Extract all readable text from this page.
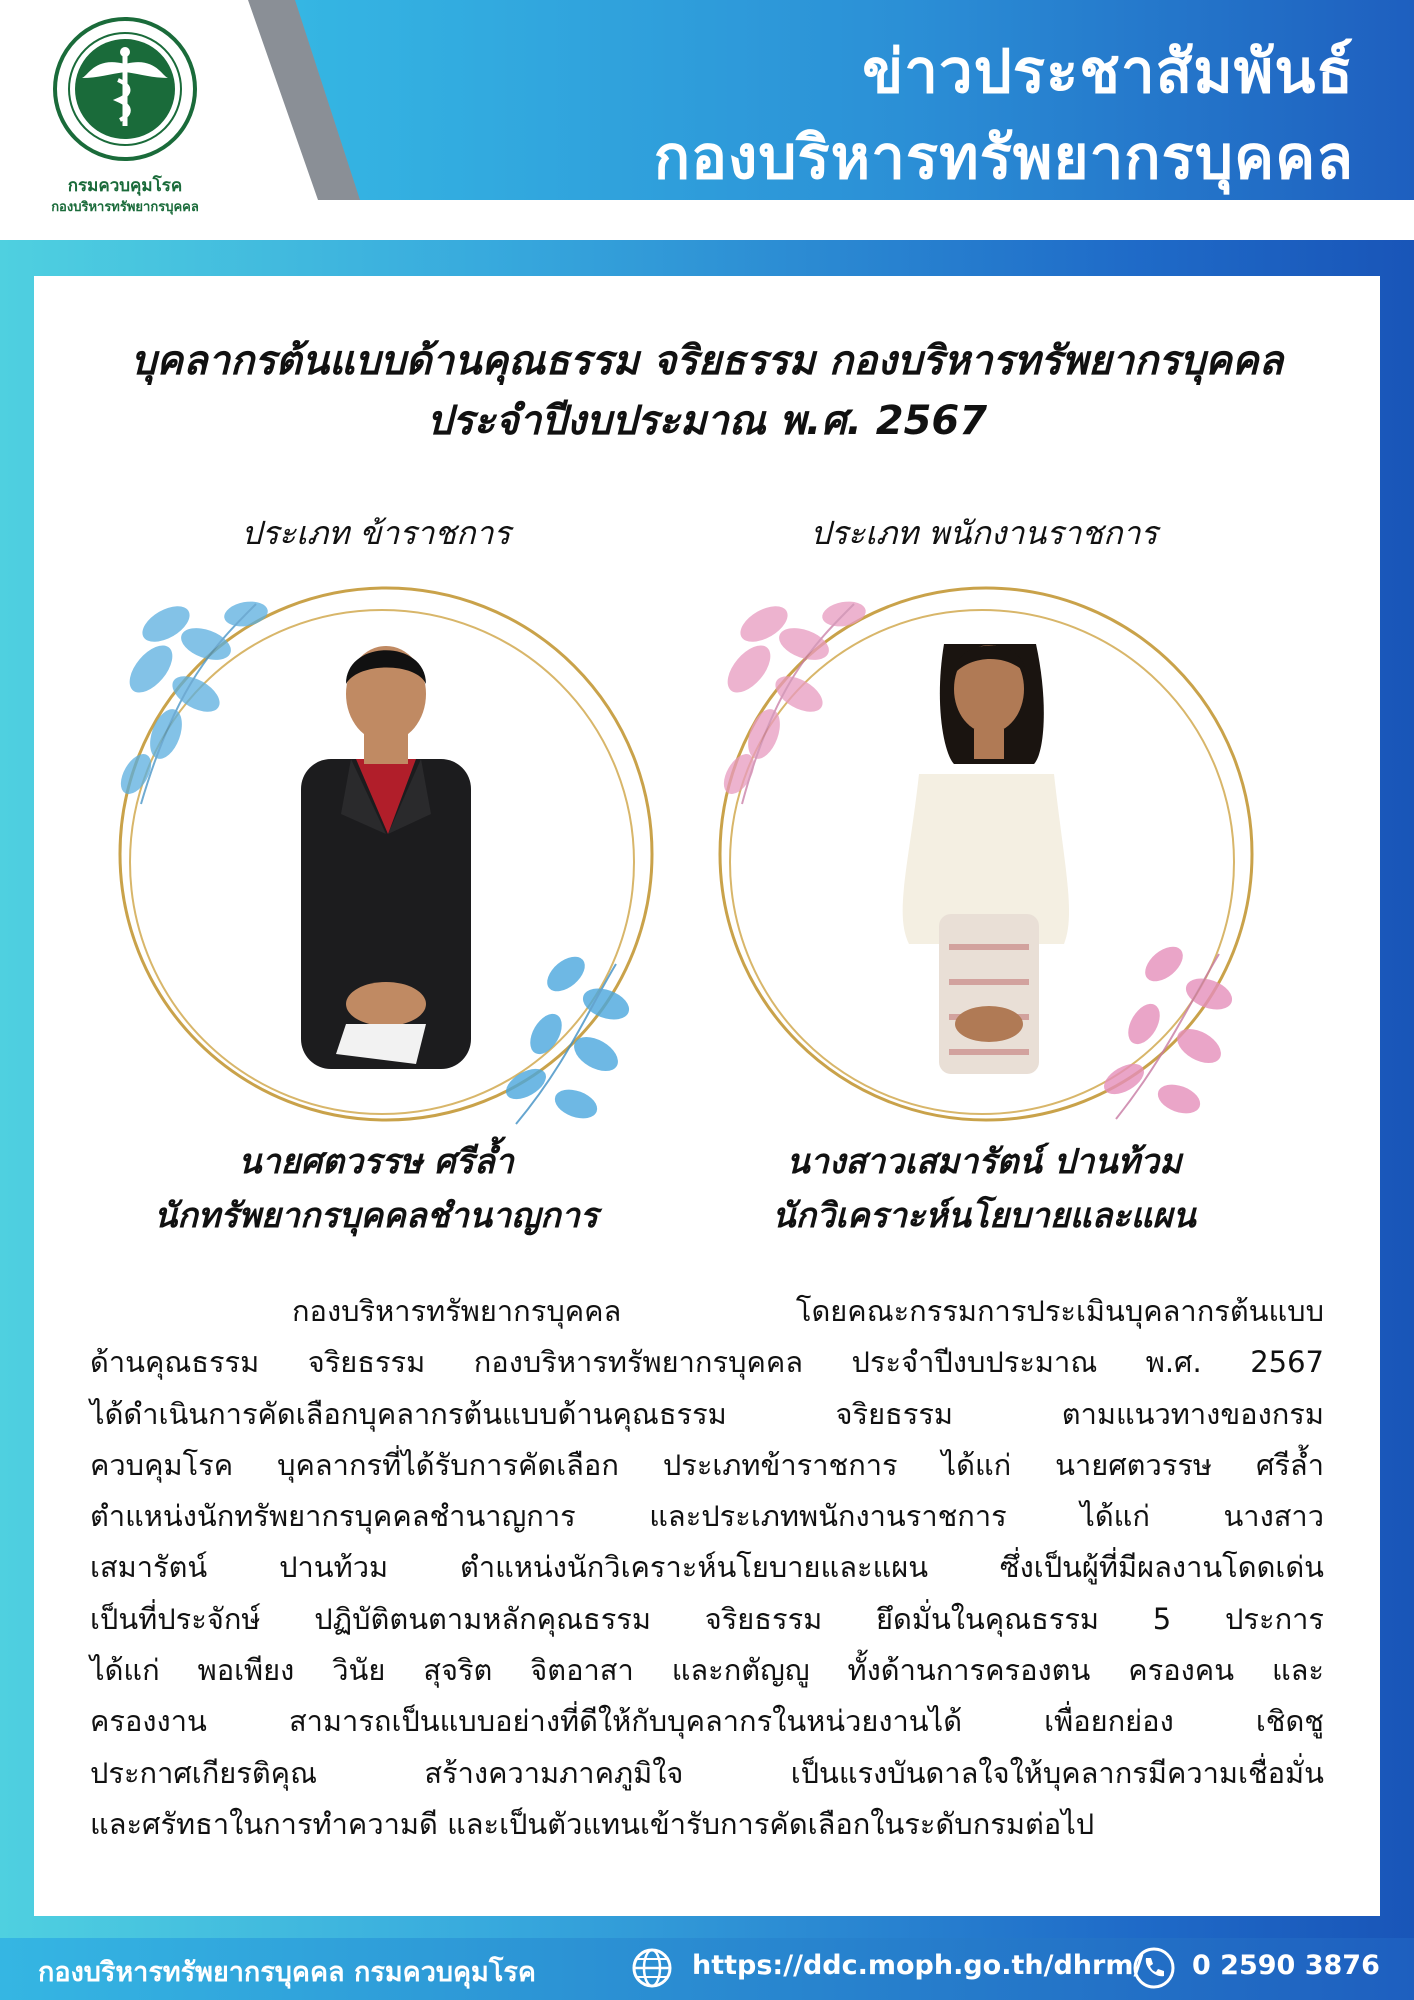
กรมควบคุมโรค
กองบริหารทรัพยากรบุคคล
ข่าวประชาสัมพันธ์
กองบริหารทรัพยากรบุคคล
บุคลากรต้นแบบด้านคุณธรรม จริยธรรม กองบริหารทรัพยากรบุคคล
ประจำปีงบประมาณ พ.ศ. 2567
ประเภท ข้าราชการ	ประเภท พนักงานราชการ
นายศตวรรษ ศรีล้ำ
นักทรัพยากรบุคคลชำนาญการ
นางสาวเสมารัตน์ ปานท้วม
นักวิเคราะห์นโยบายและแผน
กองบริหารทรัพยากรบุคคล โดยคณะกรรมการประเมินบุคลากรต้นแบบ
ด้านคุณธรรม จริยธรรม กองบริหารทรัพยากรบุคคล ประจำปีงบประมาณ พ.ศ. 2567
ได้ดำเนินการคัดเลือกบุคลากรต้นแบบด้านคุณธรรม จริยธรรม ตามแนวทางของกรม
ควบคุมโรค บุคลากรที่ได้รับการคัดเลือก ประเภทข้าราชการ ได้แก่ นายศตวรรษ ศรีล้ำ
ตำแหน่งนักทรัพยากรบุคคลชำนาญการ และประเภทพนักงานราชการ ได้แก่ นางสาว
เสมารัตน์ ปานท้วม ตำแหน่งนักวิเคราะห์นโยบายและแผน ซึ่งเป็นผู้ที่มีผลงานโดดเด่น
เป็นที่ประจักษ์ ปฏิบัติตนตามหลักคุณธรรม จริยธรรม ยึดมั่นในคุณธรรม 5 ประการ
ได้แก่ พอเพียง วินัย สุจริต จิตอาสา และกตัญญู ทั้งด้านการครองตน ครองคน และ
ครองงาน สามารถเป็นแบบอย่างที่ดีให้กับบุคลากรในหน่วยงานได้ เพื่อยกย่อง เชิดชู
ประกาศเกียรติคุณ สร้างความภาคภูมิใจ เป็นแรงบันดาลใจให้บุคลากรมีความเชื่อมั่น
และศรัทธาในการทำความดี และเป็นตัวแทนเข้ารับการคัดเลือกในระดับกรมต่อไป
กองบริหารทรัพยากรบุคคล กรมควบคุมโรค	https://ddc.moph.go.th/dhrm/ 0 2590 3876
